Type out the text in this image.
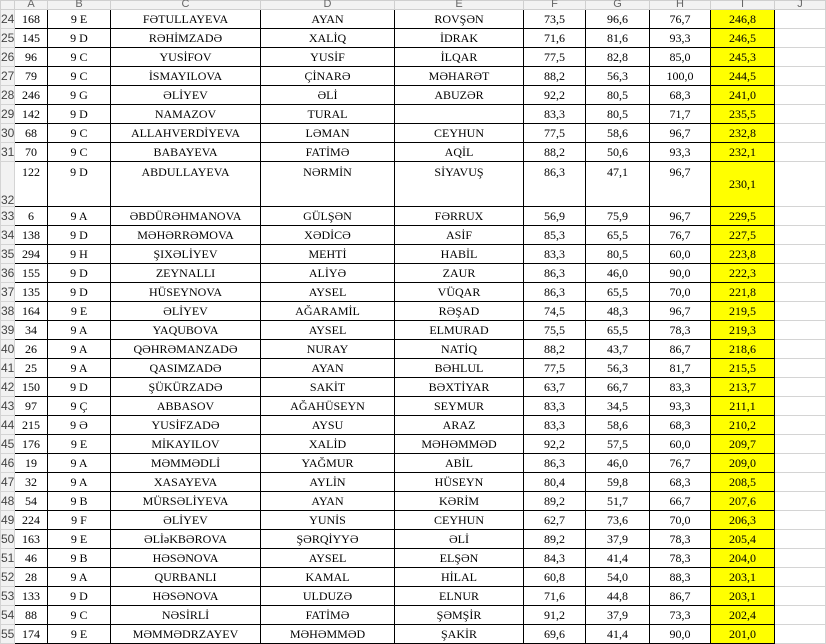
	A	B	C	D	E	F	G	H	I	J
24	168	9 E	FƏTULLAYEVA	AYAN	ROVŞƏN	73,5	96,6	76,7	246,8	
25	145	9 D	RƏHİMZADƏ	XALİQ	İDRAK	71,6	81,6	93,3	246,5	
26	96	9 C	YUSİFOV	YUSİF	İLQAR	77,5	82,8	85,0	245,3	
27	79	9 C	İSMAYILOVA	ÇİNARƏ	MƏHARƏT	88,2	56,3	100,0	244,5	
28	246	9 G	ƏLİYEV	ƏLİ	ABUZƏR	92,2	80,5	68,3	241,0	
29	142	9 D	NAMAZOV	TURAL		83,3	80,5	71,7	235,5	
30	68	9 C	ALLAHVERDİYEVA	LƏMAN	CEYHUN	77,5	58,6	96,7	232,8	
31	70	9 C	BABAYEVA	FATİMƏ	AQİL	88,2	50,6	93,3	232,1	
32	122	9 D	ABDULLAYEVA	NƏRMİN	SİYAVUŞ	86,3	47,1	96,7	230,1	
33	6	9 A	ƏBDÜRƏHMANOVA	GÜLŞƏN	FƏRRUX	56,9	75,9	96,7	229,5	
34	138	9 D	MƏHƏRRƏMOVA	XƏDİCƏ	ASİF	85,3	65,5	76,7	227,5	
35	294	9 H	ŞIXƏLİYEV	MEHTİ	HABİL	83,3	80,5	60,0	223,8	
36	155	9 D	ZEYNALLI	ALİYƏ	ZAUR	86,3	46,0	90,0	222,3	
37	135	9 D	HÜSEYNOVA	AYSEL	VÜQAR	86,3	65,5	70,0	221,8	
38	164	9 E	ƏLİYEV	AĞARAMİL	RƏŞAD	74,5	48,3	96,7	219,5	
39	34	9 A	YAQUBOVA	AYSEL	ELMURAD	75,5	65,5	78,3	219,3	
40	26	9 A	QƏHRƏMANZADƏ	NURAY	NATİQ	88,2	43,7	86,7	218,6	
41	25	9 A	QASIMZADƏ	AYAN	BƏHLUL	77,5	56,3	81,7	215,5	
42	150	9 D	ŞÜKÜRZADƏ	SAKİT	BƏXTİYAR	63,7	66,7	83,3	213,7	
43	97	9 Ç	ABBASOV	AĞAHÜSEYN	SEYMUR	83,3	34,5	93,3	211,1	
44	215	9 Ə	YUSİFZADƏ	AYSU	ARAZ	83,3	58,6	68,3	210,2	
45	176	9 E	MİKAYILOV	XALİD	MƏHƏMMƏD	92,2	57,5	60,0	209,7	
46	19	9 A	MƏMMƏDLİ	YAĞMUR	ABİL	86,3	46,0	76,7	209,0	
47	32	9 A	XASAYEVA	AYLİN	HÜSEYN	80,4	59,8	68,3	208,5	
48	54	9 B	MÜRSƏLİYEVA	AYAN	KƏRİM	89,2	51,7	66,7	207,6	
49	224	9 F	ƏLİYEV	YUNİS	CEYHUN	62,7	73,6	70,0	206,3	
50	163	9 E	ƏLİəKBƏROVA	ŞƏRQİYYƏ	ƏLİ	89,2	37,9	78,3	205,4	
51	46	9 B	HƏSƏNOVA	AYSEL	ELŞƏN	84,3	41,4	78,3	204,0	
52	28	9 A	QURBANLI	KAMAL	HİLAL	60,8	54,0	88,3	203,1	
53	133	9 D	HƏSƏNOVA	ULDUZƏ	ELNUR	71,6	44,8	86,7	203,1	
54	88	9 C	NƏSİRLİ	FATİMƏ	ŞƏMŞİR	91,2	37,9	73,3	202,4	
55	174	9 E	MƏMMƏDRZAYEV	MƏHƏMMƏD	ŞAKİR	69,6	41,4	90,0	201,0	
